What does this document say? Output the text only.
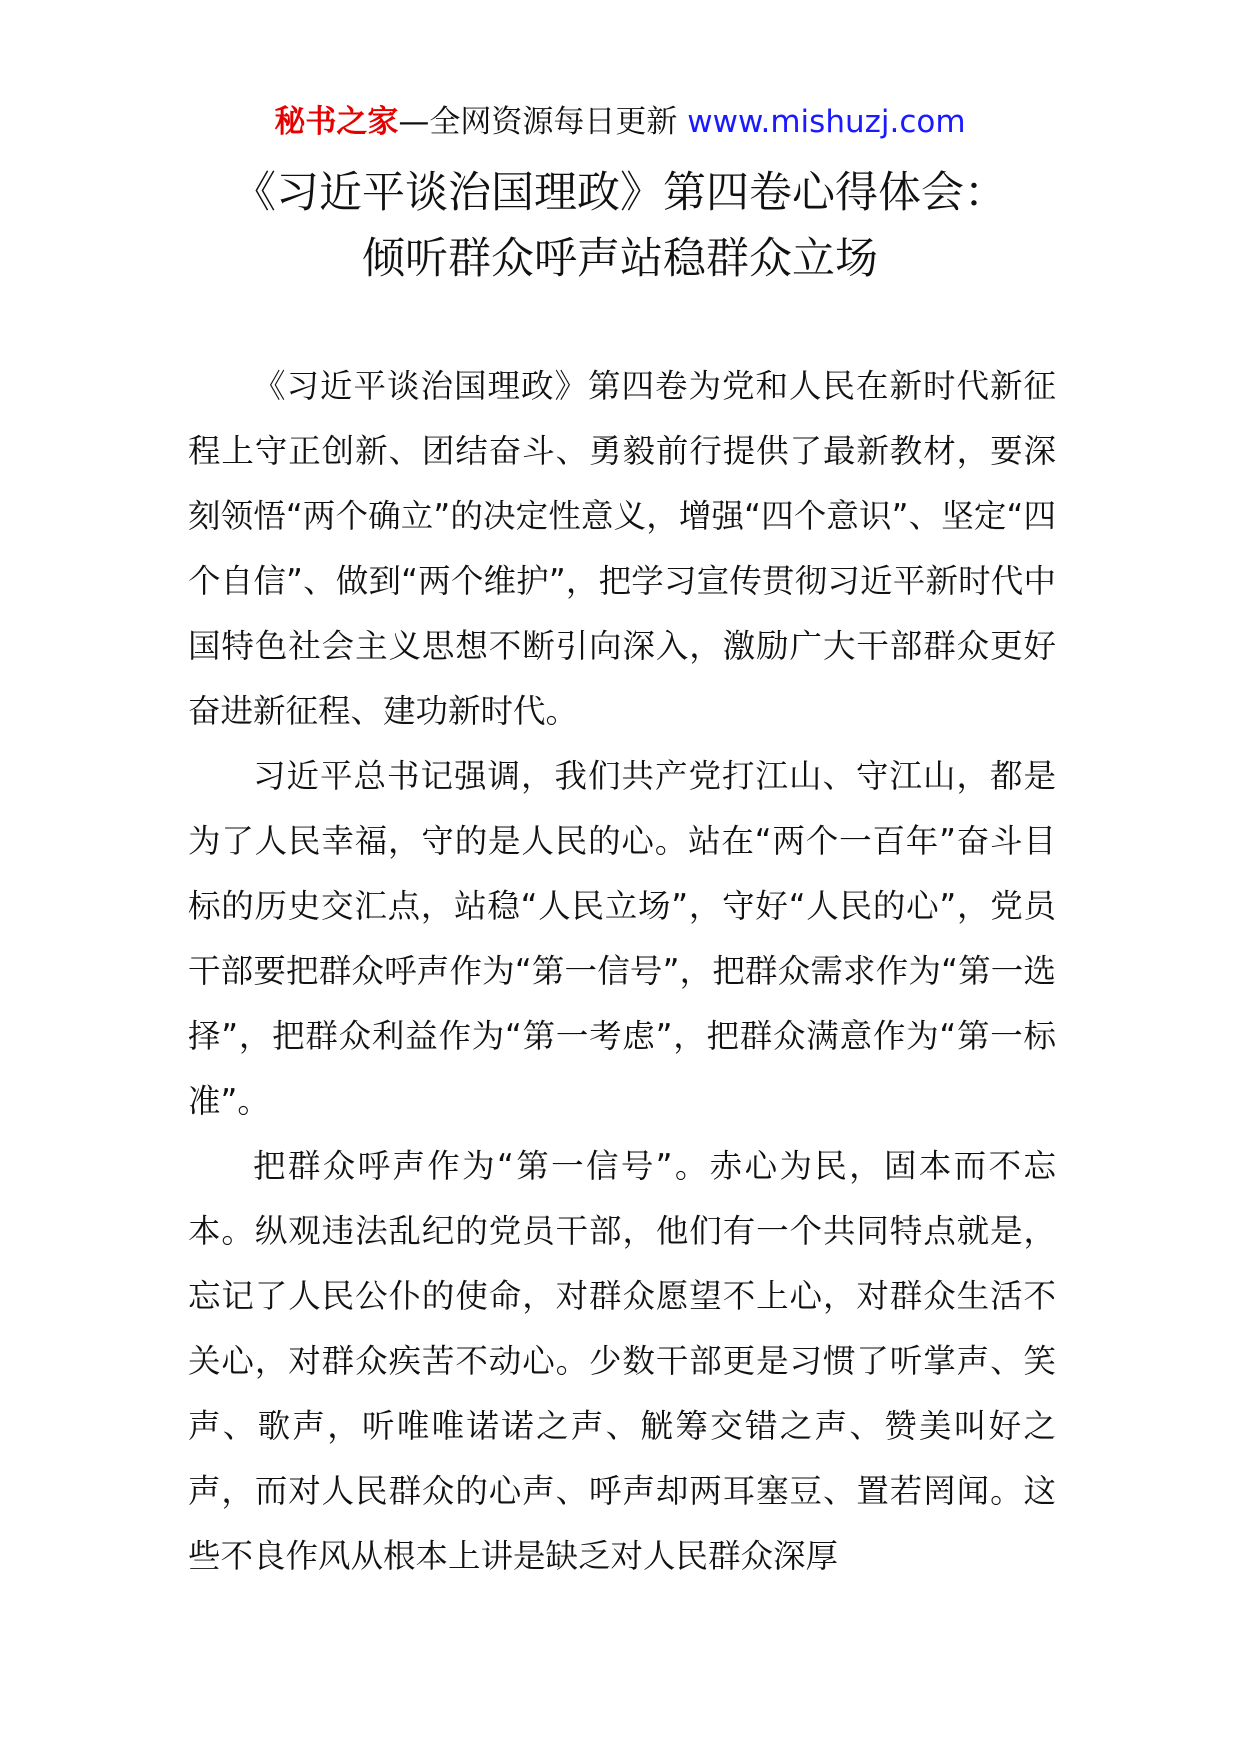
秘书之家—全网资源每日更新 www.mishuzj.com
《习近平谈治国理政》第四卷心得体会：
倾听群众呼声站稳群众立场

《习近平谈治国理政》第四卷为党和人民在新时代新征程上守正创新、团结奋斗、勇毅前行提供了最新教材，要深刻领悟“两个确立”的决定性意义，增强“四个意识”、坚定“四个自信”、做到“两个维护”，把学习宣传贯彻习近平新时代中国特色社会主义思想不断引向深入，激励广大干部群众更好奋进新征程、建功新时代。

习近平总书记强调，我们共产党打江山、守江山，都是为了人民幸福，守的是人民的心。站在“两个一百年”奋斗目标的历史交汇点，站稳“人民立场”，守好“人民的心”，党员干部要把群众呼声作为“第一信号”，把群众需求作为“第一选择”，把群众利益作为“第一考虑”，把群众满意作为“第一标准”。

把群众呼声作为“第一信号”。赤心为民，固本而不忘本。纵观违法乱纪的党员干部，他们有一个共同特点就是，忘记了人民公仆的使命，对群众愿望不上心，对群众生活不关心，对群众疾苦不动心。少数干部更是习惯了听掌声、笑声、歌声，听唯唯诺诺之声、觥筹交错之声、赞美叫好之声，而对人民群众的心声、呼声却两耳塞豆、置若罔闻。这些不良作风从根本上讲是缺乏对人民群众深厚
